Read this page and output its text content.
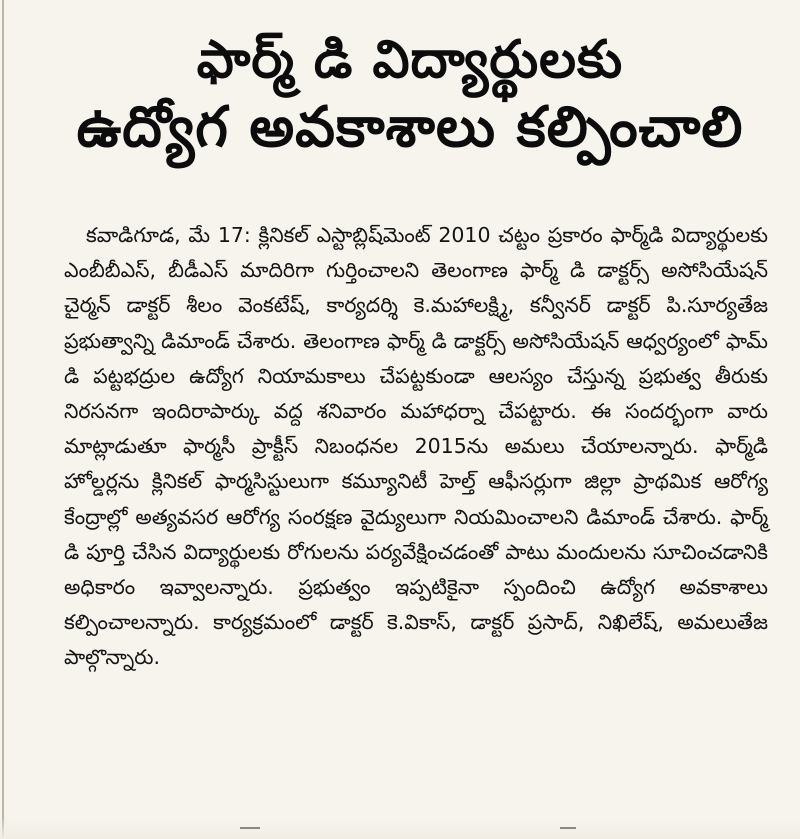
ఫార్మ్ డి విద్యార్థులకు
ఉద్యోగ అవకాశాలు కల్పించాలి

కవాడిగూడ, మే 17: క్లినికల్ ఎస్టాబ్లిష్‌మెంట్ 2010 చట్టం ప్రకారం ఫార్మ్‌డి విద్యార్థులకు ఎంబీబీఎస్, బీడీఎస్ మాదిరిగా గుర్తించాలని తెలంగాణ ఫార్మ్ డి డాక్టర్స్ అసోసియేషన్ చైర్మన్ డాక్టర్ శీలం వెంకటేష్, కార్యదర్శి కె.మహాలక్ష్మి, కన్వీనర్ డాక్టర్ పి.సూర్యతేజ ప్రభుత్వాన్ని డిమాండ్ చేశారు. తెలంగాణ ఫార్మ్ డి డాక్టర్స్ అసోసియేషన్ ఆధ్వర్యంలో ఫామ్ డి పట్టభద్రుల ఉద్యోగ నియామకాలు చేపట్టకుండా ఆలస్యం చేస్తున్న ప్రభుత్వ తీరుకు నిరసనగా ఇందిరాపార్కు వద్ద శనివారం మహాధర్నా చేపట్టారు. ఈ సందర్భంగా వారు మాట్లాడుతూ ఫార్మసీ ప్రాక్టీస్ నిబంధనల 2015ను అమలు చేయాలన్నారు. ఫార్మ్‌డి హోల్డర్లను క్లినికల్ ఫార్మసిస్టులుగా కమ్యూనిటీ హెల్త్ ఆఫీసర్లుగా జిల్లా ప్రాథమిక ఆరోగ్య కేంద్రాల్లో అత్యవసర ఆరోగ్య సంరక్షణ వైద్యులుగా నియమించాలని డిమాండ్ చేశారు. ఫార్మ్ డి పూర్తి చేసిన విద్యార్థులకు రోగులను పర్యవేక్షించడంతో పాటు మందులను సూచించడానికి అధికారం ఇవ్వాలన్నారు. ప్రభుత్వం ఇప్పటికైనా స్పందించి ఉద్యోగ అవకాశాలు కల్పించాలన్నారు. కార్యక్రమంలో డాక్టర్ కె.వికాస్, డాక్టర్ ప్రసాద్, నిఖిలేష్, అమలుతేజ పాల్గొన్నారు.
